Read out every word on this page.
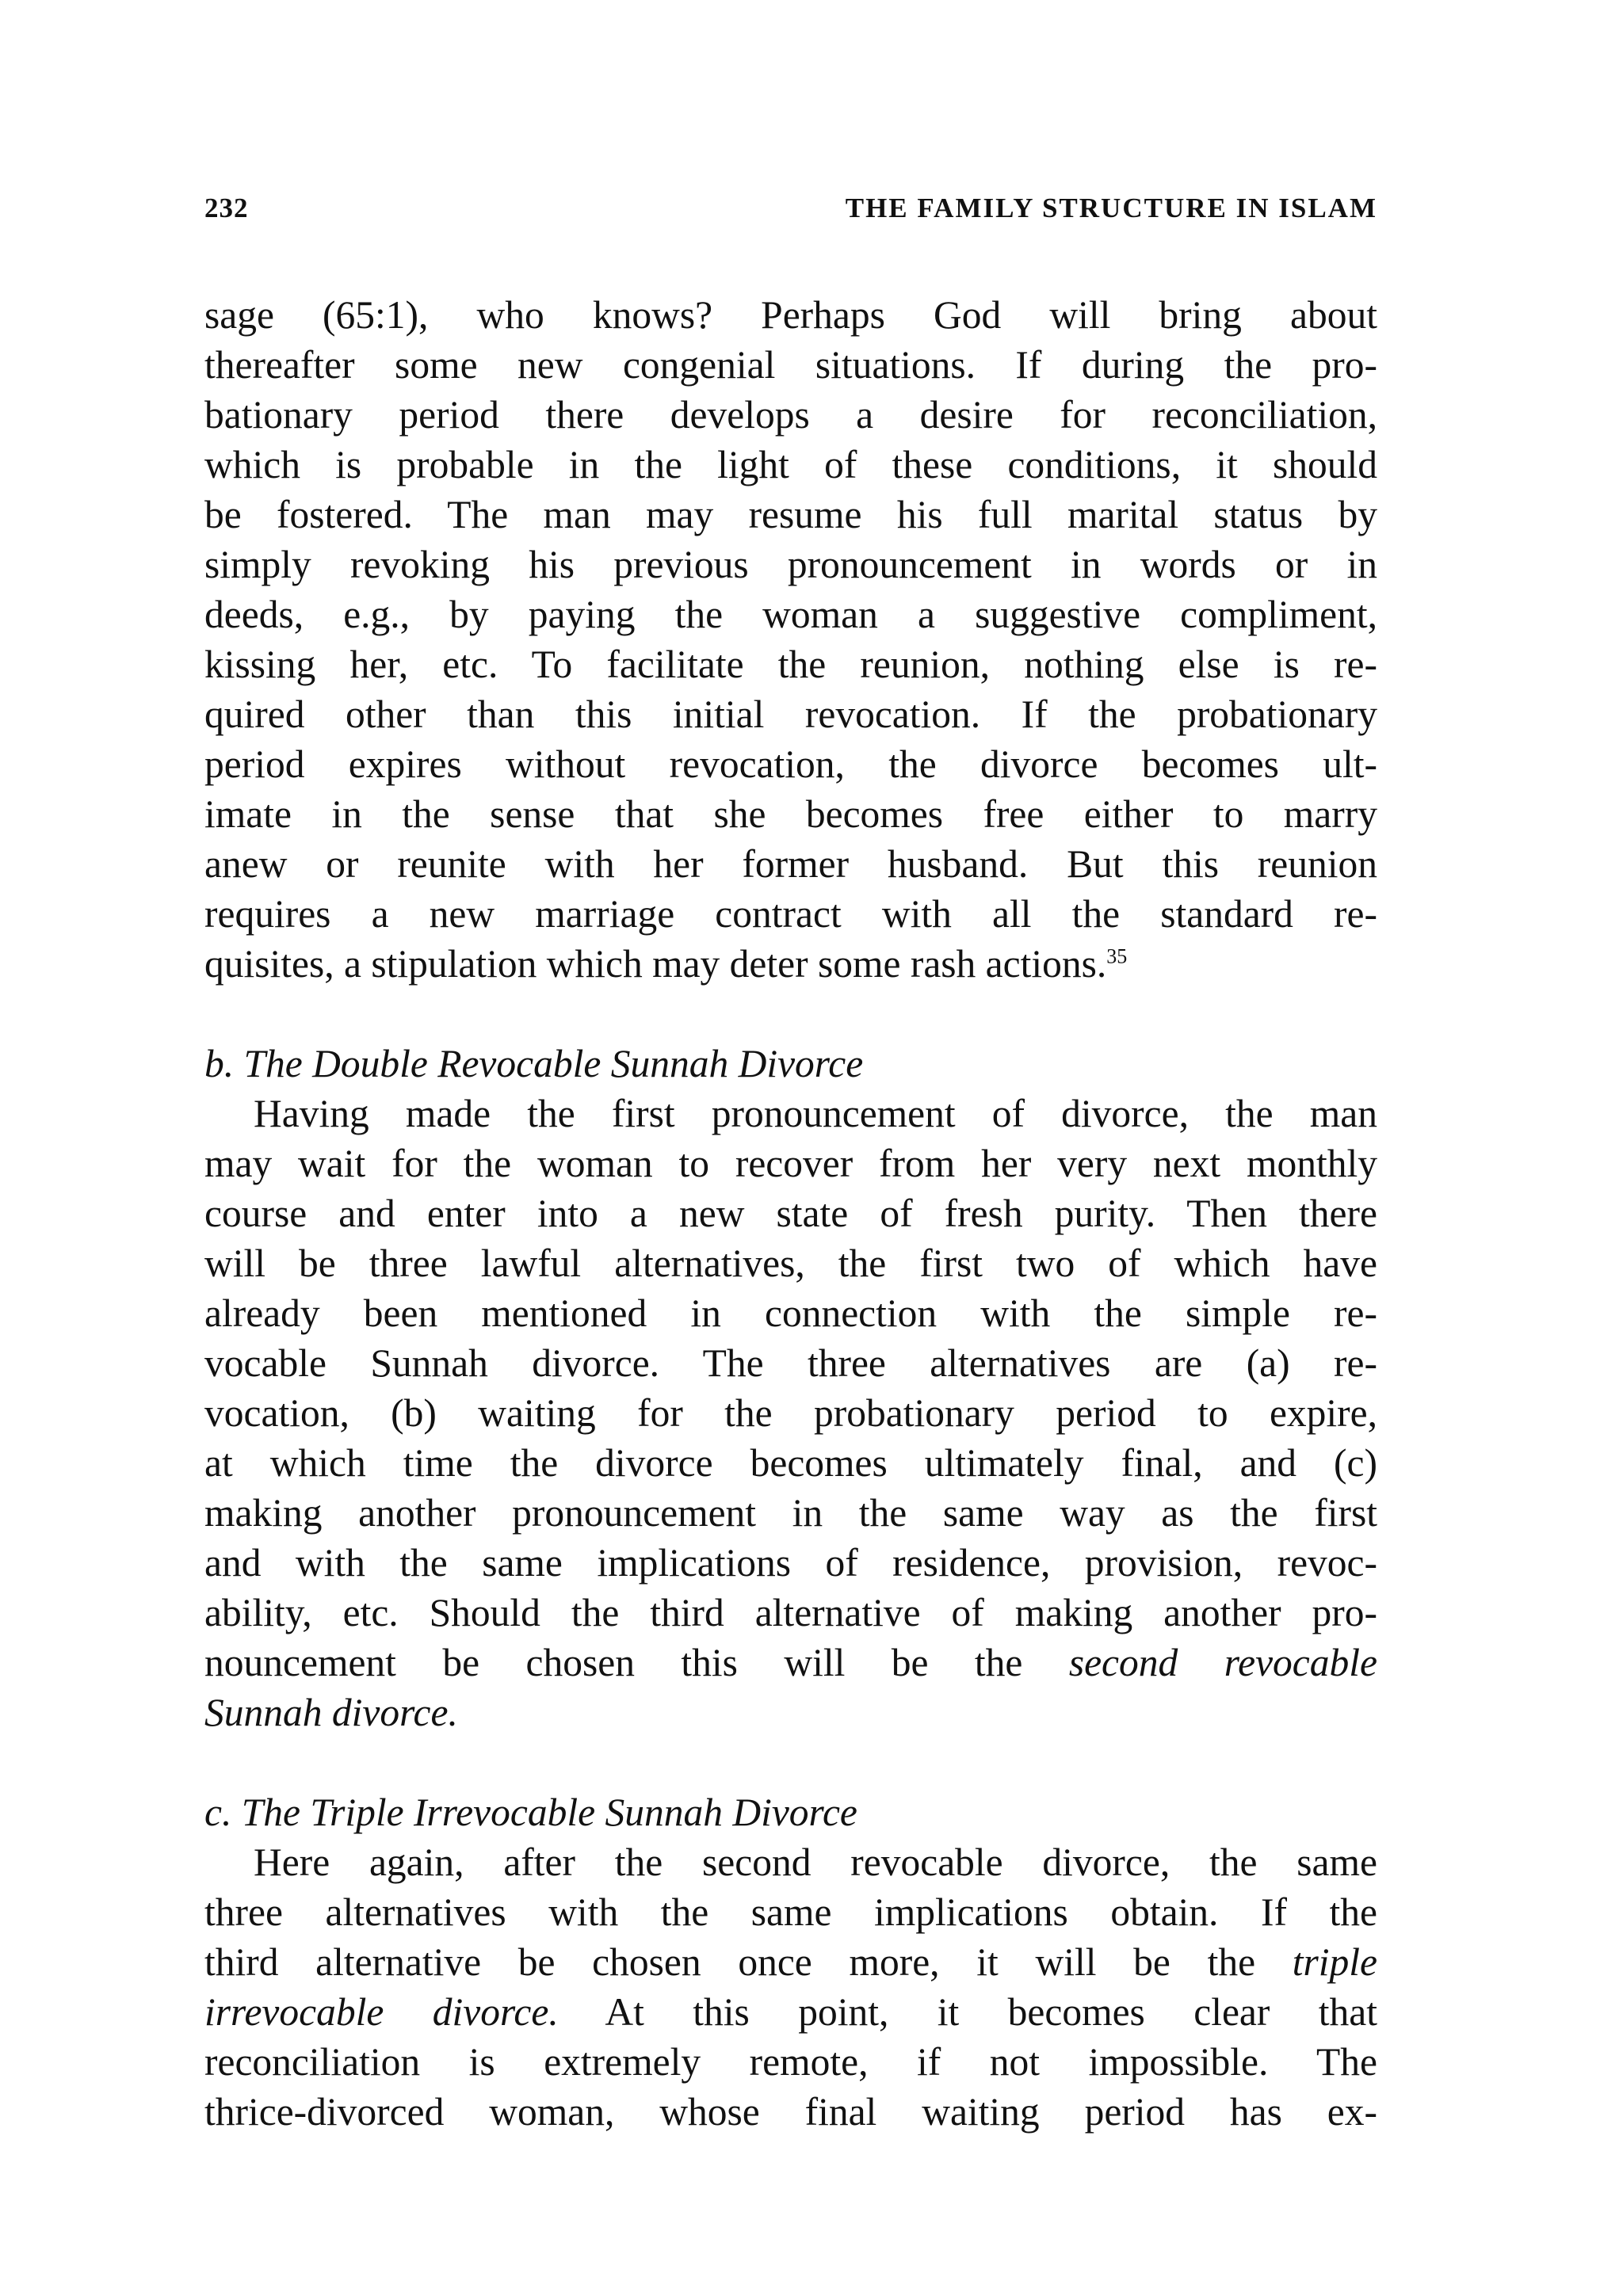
232	THE FAMILY STRUCTURE IN ISLAM
sage (65:1), who knows? Perhaps God will bring about
thereafter some new congenial situations. If during the pro-
bationary period there develops a desire for reconciliation,
which is probable in the light of these conditions, it should
be fostered. The man may resume his full marital status by
simply revoking his previous pronouncement in words or in
deeds, e.g., by paying the woman a suggestive compliment,
kissing her, etc. To facilitate the reunion, nothing else is re-
quired other than this initial revocation. If the probationary
period expires without revocation, the divorce becomes ult-
imate in the sense that she becomes free either to marry
anew or reunite with her former husband. But this reunion
requires a new marriage contract with all the standard re-
quisites, a stipulation which may deter some rash actions.$^{35}$
b. The Double Revocable Sunnah Divorce
Having made the first pronouncement of divorce, the man
may wait for the woman to recover from her very next monthly
course and enter into a new state of fresh purity. Then there
will be three lawful alternatives, the first two of which have
already been mentioned in connection with the simple re-
vocable Sunnah divorce. The three alternatives are (a) re-
vocation, (b) waiting for the probationary period to expire,
at which time the divorce becomes ultimately final, and (c)
making another pronouncement in the same way as the first
and with the same implications of residence, provision, revoc-
ability, etc. Should the third alternative of making another pro-
nouncement be chosen this will be the second revocable
Sunnah divorce.
c. The Triple Irrevocable Sunnah Divorce
Here again, after the second revocable divorce, the same
three alternatives with the same implications obtain. If the
third alternative be chosen once more, it will be the triple
irrevocable divorce. At this point, it becomes clear that
reconciliation is extremely remote, if not impossible. The
thrice-divorced woman, whose final waiting period has ex-
